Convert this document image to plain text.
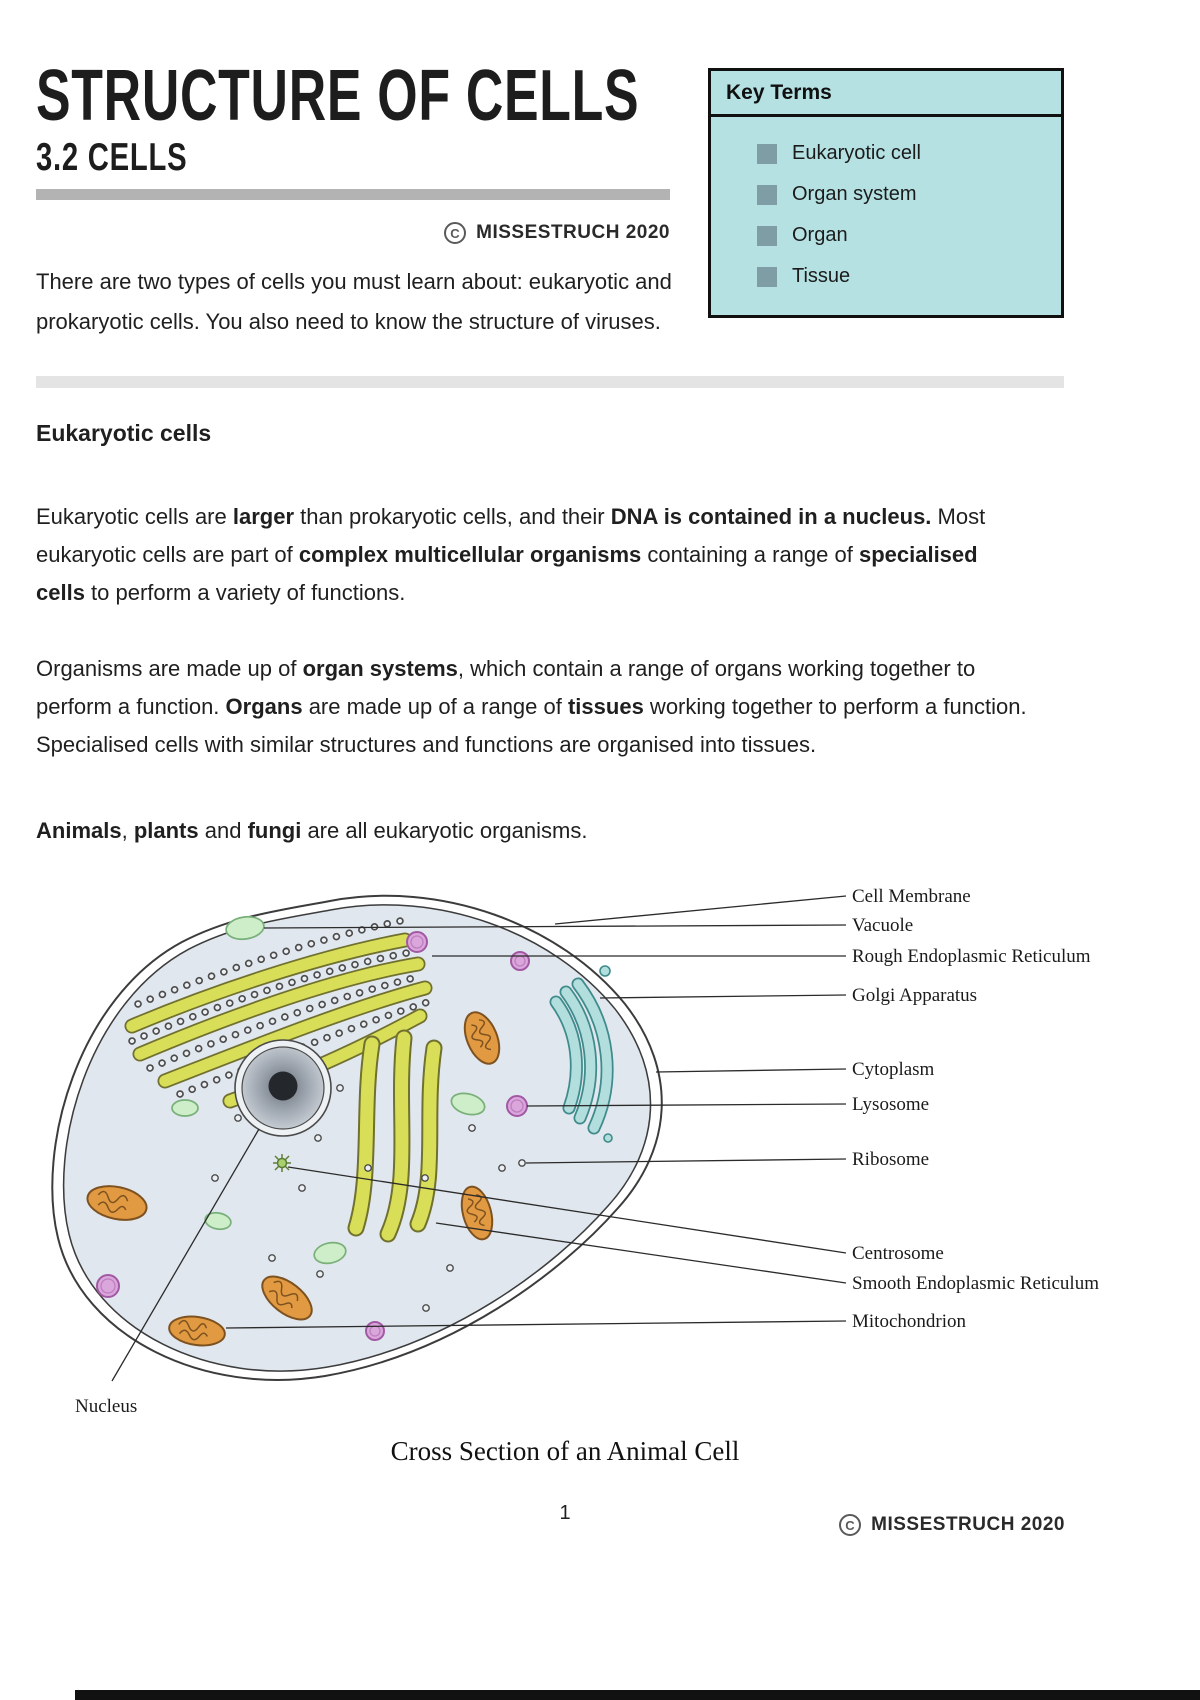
STRUCTURE OF CELLS
3.2 CELLS
C MISSESTRUCH 2020

There are two types of cells you must learn about: eukaryotic and prokaryotic cells. You also need to know the structure of viruses.

Key Terms
Eukaryotic cell
Organ system
Organ
Tissue
Eukaryotic cells

Eukaryotic cells are larger than prokaryotic cells, and their DNA is contained in a nucleus. Most eukaryotic cells are part of complex multicellular organisms containing a range of specialised cells to perform a variety of functions.

Organisms are made up of organ systems, which contain a range of organs working together to perform a function. Organs are made up of a range of tissues working together to perform a function. Specialised cells with similar structures and functions are organised into tissues.

Animals, plants and fungi are all eukaryotic organisms.

Cell Membrane
Vacuole
Rough Endoplasmic Reticulum
Golgi Apparatus
Cytoplasm
Lysosome
Ribosome
Centrosome
Smooth Endoplasmic Reticulum
Mitochondrion
Nucleus
Cross Section of an Animal Cell
1
C MISSESTRUCH 2020
